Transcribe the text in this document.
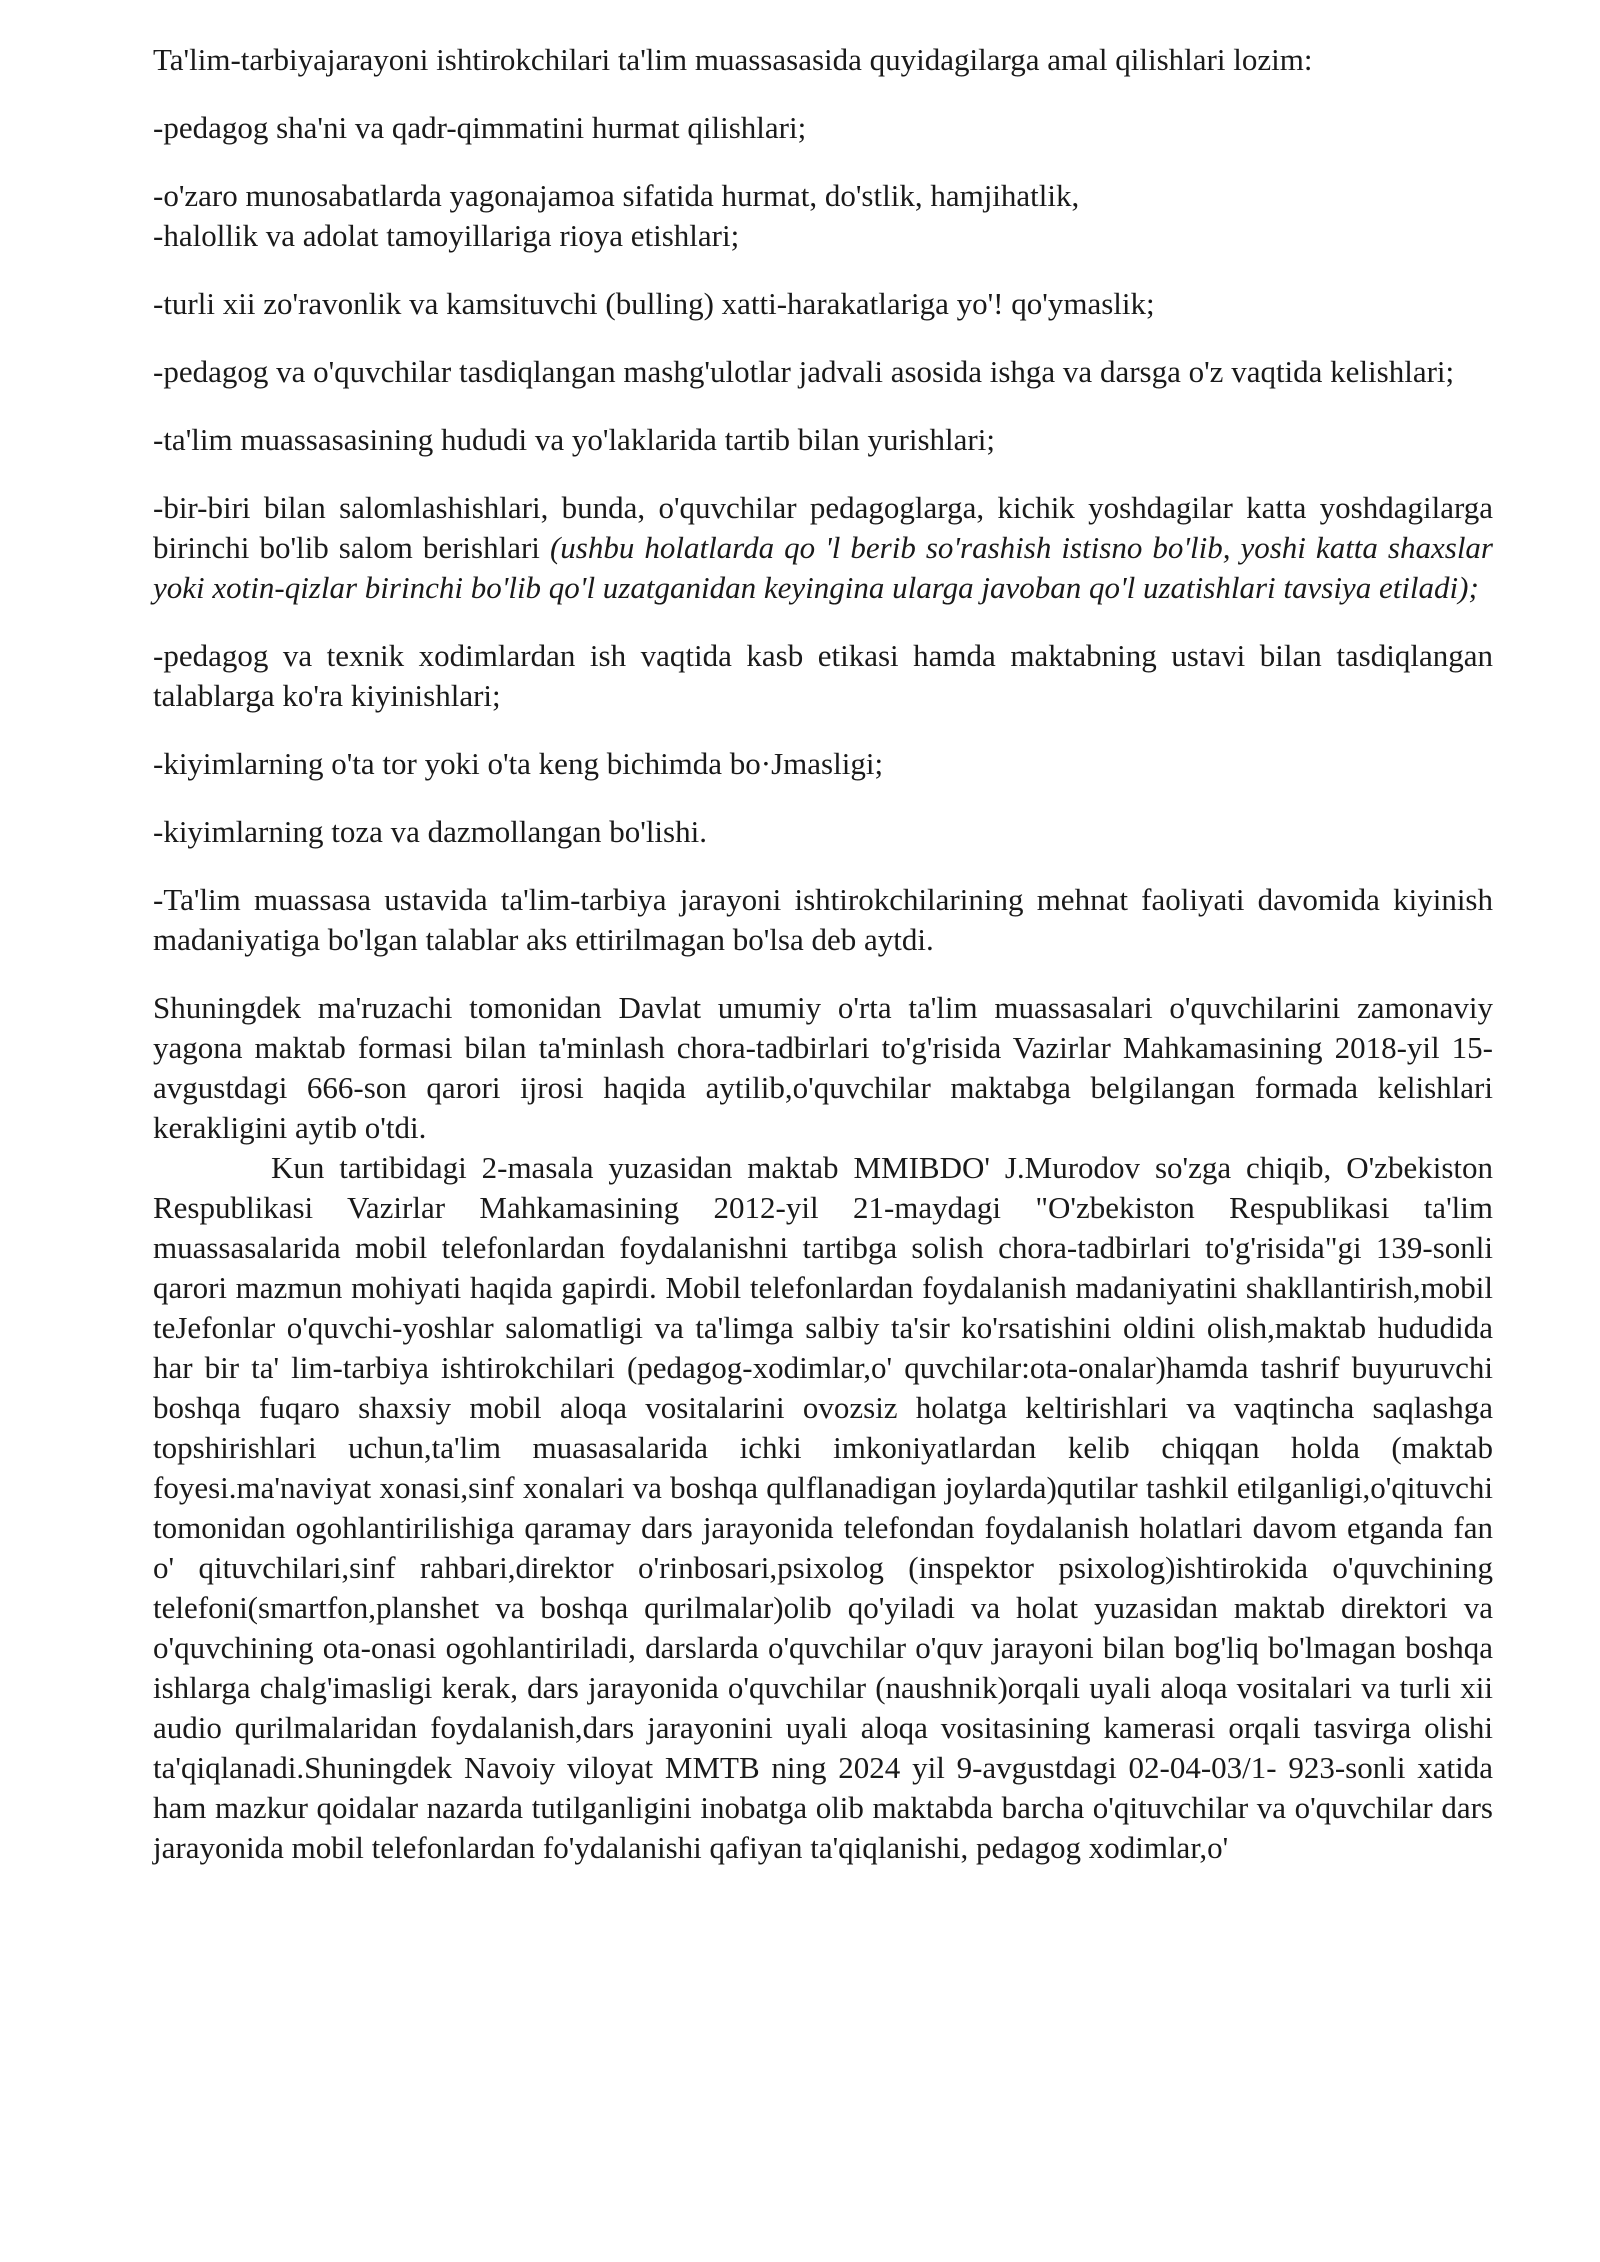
Ta'lim-tarbiyajarayoni ishtirokchilari ta'lim muassasasida quyidagilarga amal qilishlari lozim:

-pedagog sha'ni va qadr-qimmatini hurmat qilishlari;

-o'zaro munosabatlarda yagonajamoa sifatida hurmat, do'stlik, hamjihatlik,
-halollik va adolat tamoyillariga rioya etishlari;

-turli xii zo'ravonlik va kamsituvchi (bulling) xatti-harakatlariga yo'! qo'ymaslik;

-pedagog va o'quvchilar tasdiqlangan mashg'ulotlar jadvali asosida ishga va darsga o'z vaqtida kelishlari;

-ta'lim muassasasining hududi va yo'laklarida tartib bilan yurishlari;

-bir-biri bilan salomlashishlari, bunda, o'quvchilar pedagoglarga, kichik yoshdagilar katta yoshdagilarga birinchi bo'lib salom berishlari (ushbu holatlarda qo 'l berib so'rashish istisno bo'lib, yoshi katta shaxslar yoki xotin-qizlar birinchi bo'lib qo'l uzatganidan keyingina ularga javoban qo'l uzatishlari tavsiya etiladi);

-pedagog va texnik xodimlardan ish vaqtida kasb etikasi hamda maktabning ustavi bilan tasdiqlangan talablarga ko'ra kiyinishlari;

-kiyimlarning o'ta tor yoki o'ta keng bichimda bo·Jmasligi;

-kiyimlarning toza va dazmollangan bo'lishi.

-Ta'lim muassasa ustavida ta'lim-tarbiya jarayoni ishtirokchilarining mehnat faoliyati davomida kiyinish madaniyatiga bo'lgan talablar aks ettirilmagan bo'lsa deb aytdi.

Shuningdek ma'ruzachi tomonidan Davlat umumiy o'rta ta'lim muassasalari o'quvchilarini zamonaviy yagona maktab formasi bilan ta'minlash chora-tadbirlari to'g'risida Vazirlar Mahkamasining 2018-yil 15- avgustdagi 666-son qarori ijrosi haqida aytilib,o'quvchilar maktabga belgilangan formada kelishlari kerakligini aytib o'tdi.

Kun tartibidagi 2-masala yuzasidan maktab MMIBDO' J.Murodov so'zga chiqib, O'zbekiston Respublikasi Vazirlar Mahkamasining 2012-yil 21-maydagi "O'zbekiston Respublikasi ta'lim muassasalarida mobil telefonlardan foydalanishni tartibga solish chora-tadbirlari to'g'risida"gi 139-sonli qarori mazmun mohiyati haqida gapirdi. Mobil telefonlardan foydalanish madaniyatini shakllantirish,mobil teJefonlar o'quvchi-yoshlar salomatligi va ta'limga salbiy ta'sir ko'rsatishini oldini olish,maktab hududida har bir ta' lim-tarbiya ishtirokchilari (pedagog-xodimlar,o' quvchilar:ota-onalar)hamda tashrif buyuruvchi boshqa fuqaro shaxsiy mobil aloqa vositalarini ovozsiz holatga keltirishlari va vaqtincha saqlashga topshirishlari uchun,ta'lim muasasalarida ichki imkoniyatlardan kelib chiqqan holda (maktab foyesi.ma'naviyat xonasi,sinf xonalari va boshqa qulflanadigan joylarda)qutilar tashkil etilganligi,o'qituvchi tomonidan ogohlantirilishiga qaramay dars jarayonida telefondan foydalanish holatlari davom etganda fan o' qituvchilari,sinf rahbari,direktor o'rinbosari,psixolog (inspektor psixolog)ishtirokida o'quvchining telefoni(smartfon,planshet va boshqa qurilmalar)olib qo'yiladi va holat yuzasidan maktab direktori va o'quvchining ota-onasi ogohlantiriladi, darslarda o'quvchilar o'quv jarayoni bilan bog'liq bo'lmagan boshqa ishlarga chalg'imasligi kerak, dars jarayonida o'quvchilar (naushnik)orqali uyali aloqa vositalari va turli xii audio qurilmalaridan foydalanish,dars jarayonini uyali aloqa vositasining kamerasi orqali tasvirga olishi ta'qiqlanadi.Shuningdek Navoiy viloyat MMTB ning 2024 yil 9-avgustdagi 02-04-03/1- 923-sonli xatida ham mazkur qoidalar nazarda tutilganligini inobatga olib maktabda barcha o'qituvchilar va o'quvchilar dars jarayonida mobil telefonlardan fo'ydalanishi qafiyan ta'qiqlanishi, pedagog xodimlar,o'
